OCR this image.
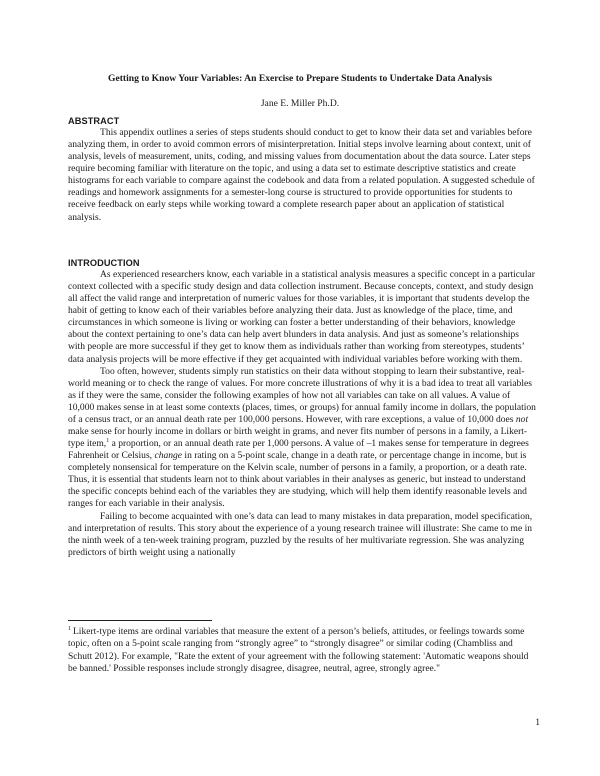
Getting to Know Your Variables: An Exercise to Prepare Students to Undertake Data Analysis
Jane E. Miller Ph.D.
ABSTRACT

This appendix outlines a series of steps students should conduct to get to know their data set and variables before analyzing them, in order to avoid common errors of misinterpretation. Initial steps involve learning about context, unit of analysis, levels of measurement, units, coding, and missing values from documentation about the data source. Later steps require becoming familiar with literature on the topic, and using a data set to estimate descriptive statistics and create histograms for each variable to compare against the codebook and data from a related population. A suggested schedule of readings and homework assignments for a semester-long course is structured to provide opportunities for students to receive feedback on early steps while working toward a complete research paper about an application of statistical analysis.

INTRODUCTION

As experienced researchers know, each variable in a statistical analysis measures a specific concept in a particular context collected with a specific study design and data collection instrument. Because concepts, context, and study design all affect the valid range and interpretation of numeric values for those variables, it is important that students develop the habit of getting to know each of their variables before analyzing their data. Just as knowledge of the place, time, and circumstances in which someone is living or working can foster a better understanding of their behaviors, knowledge about the context pertaining to one’s data can help avert blunders in data analysis. And just as someone’s relationships with people are more successful if they get to know them as individuals rather than working from stereotypes, students’ data analysis projects will be more effective if they get acquainted with individual variables before working with them.

Too often, however, students simply run statistics on their data without stopping to learn their substantive, real-world meaning or to check the range of values. For more concrete illustrations of why it is a bad idea to treat all variables as if they were the same, consider the following examples of how not all variables can take on all values. A value of 10,000 makes sense in at least some contexts (places, times, or groups) for annual family income in dollars, the population of a census tract, or an annual death rate per 100,000 persons. However, with rare exceptions, a value of 10,000 does not make sense for hourly income in dollars or birth weight in grams, and never fits number of persons in a family, a Likert-type item,$^1$ a proportion, or an annual death rate per 1,000 persons. A value of –1 makes sense for temperature in degrees Fahrenheit or Celsius, change in rating on a 5-point scale, change in a death rate, or percentage change in income, but is completely nonsensical for temperature on the Kelvin scale, number of persons in a family, a proportion, or a death rate. Thus, it is essential that students learn not to think about variables in their analyses as generic, but instead to understand the specific concepts behind each of the variables they are studying, which will help them identify reasonable levels and ranges for each variable in their analysis.

Failing to become acquainted with one’s data can lead to many mistakes in data preparation, model specification, and interpretation of results. This story about the experience of a young research trainee will illustrate: She came to me in the ninth week of a ten-week training program, puzzled by the results of her multivariate regression. She was analyzing predictors of birth weight using a nationally

$^1$ Likert-type items are ordinal variables that measure the extent of a person’s beliefs, attitudes, or feelings towards some topic, often on a 5-point scale ranging from “strongly agree” to “strongly disagree” or similar coding (Chambliss and Schutt 2012). For example, "Rate the extent of your agreement with the following statement: 'Automatic weapons should be banned.' Possible responses include strongly disagree, disagree, neutral, agree, strongly agree."
1
